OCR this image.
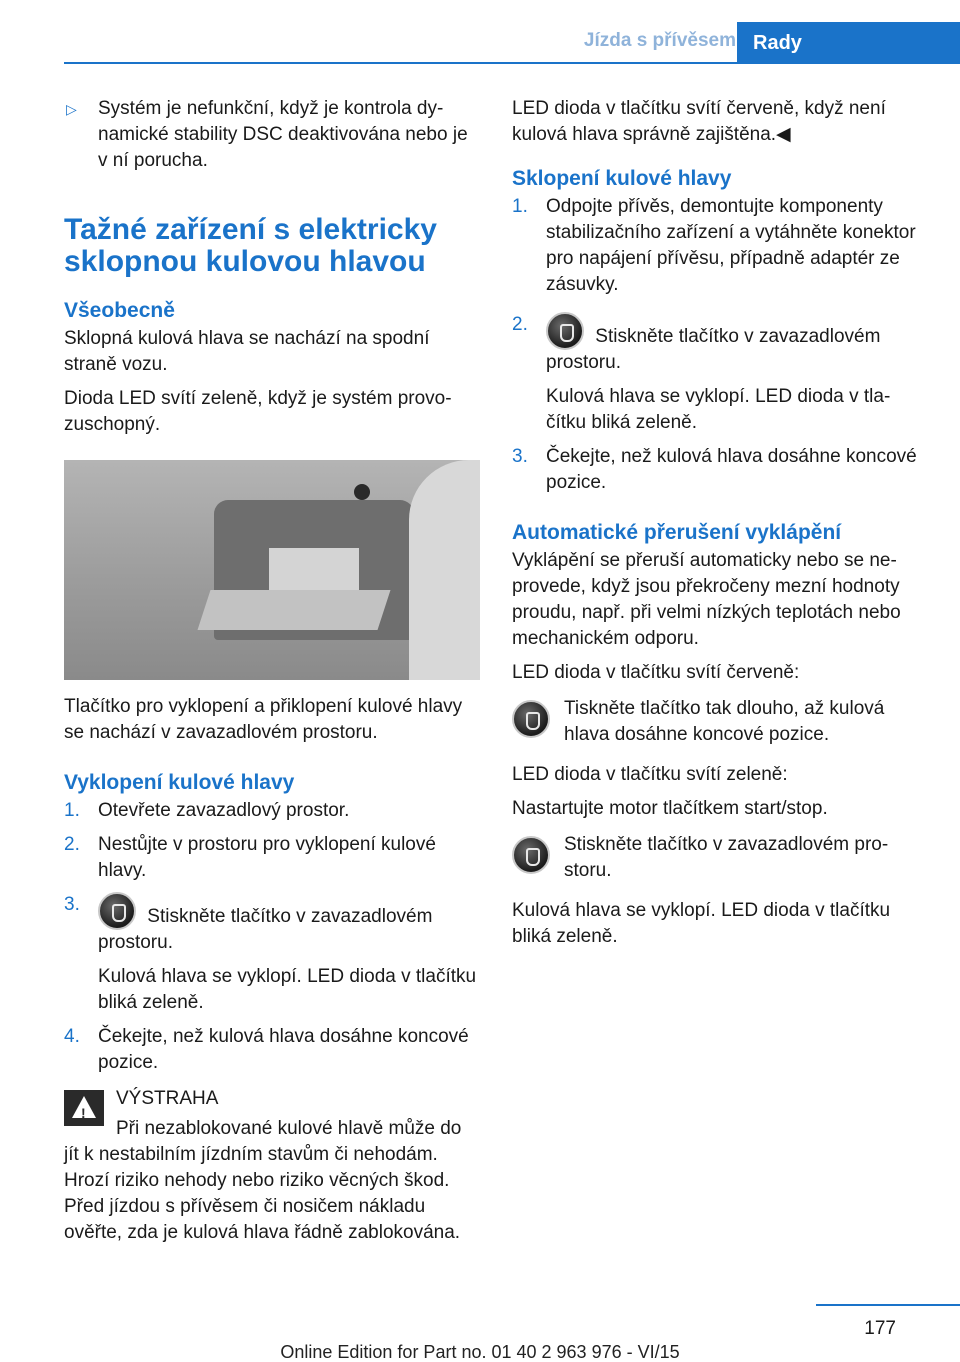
Jízda s přívěsem Rady
▷ Systém je nefunkční, když je kontrola dynamické stability DSC deaktivována nebo je v ní porucha.
Tažné zařízení s elektricky sklopnou kulovou hlavou
Všeobecně

Sklopná kulová hlava se nachází na spodní straně vozu.

Dioda LED svítí zeleně, když je systém provozuschopný.

Tlačítko pro vyklopení a přiklopení kulové hlavy se nachází v zavazadlovém prostoru.

Vyklopení kulové hlavy
1. Otevřete zavazadlový prostor.
2. Nestůjte v prostoru pro vyklopení kulové hlavy.
3.
Stiskněte tlačítko v zavazadlovém prostoru.
Kulová hlava se vyklopí. LED dioda v tlačítku bliká zeleně.
4. Čekejte, než kulová hlava dosáhne koncové pozice.
!
VÝSTRAHA
Při nezablokované kulové hlavě může do
jít k nestabilním jízdním stavům či nehodám. Hrozí riziko nehody nebo riziko věcných škod. Před jízdou s přívěsem či nosičem nákladu ověřte, zda je kulová hlava řádně zablokována.

LED dioda v tlačítku svítí červeně, když není kulová hlava správně zajištěna.◀

Sklopení kulové hlavy
1. Odpojte přívěs, demontujte komponenty stabilizačního zařízení a vytáhněte konektor pro napájení přívěsu, případně adaptér ze zásuvky.
2.
Stiskněte tlačítko v zavazadlovém prostoru.
Kulová hlava se vyklopí. LED dioda v tlačítku bliká zeleně.
3. Čekejte, než kulová hlava dosáhne koncové pozice.
Automatické přerušení vyklápění

Vyklápění se přeruší automaticky nebo se neprovede, když jsou překročeny mezní hodnoty proudu, např. při velmi nízkých teplotách nebo mechanickém odporu.

LED dioda v tlačítku svítí červeně:

Tiskněte tlačítko tak dlouho, až kulová hlava dosáhne koncové pozice.

LED dioda v tlačítku svítí zeleně:

Nastartujte motor tlačítkem start/stop.

Stiskněte tlačítko v zavazadlovém prostoru.

Kulová hlava se vyklopí. LED dioda v tlačítku bliká zeleně.

177
Online Edition for Part no. 01 40 2 963 976 - VI/15
